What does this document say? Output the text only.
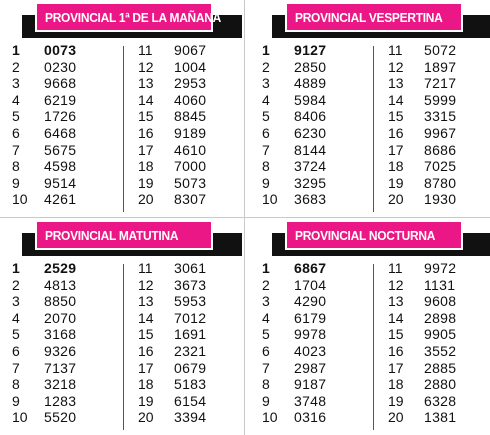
PROVINCIAL 1ª DE LA MAÑANA
1 0073
2 0230
3 9668
4 6219
5 1726
6 6468
7 5675
8 4598
9 9514
10 4261
11 9067
12 1004
13 2953
14 4060
15 8845
16 9189
17 4610
18 7000
19 5073
20 8307
PROVINCIAL VESPERTINA
1 9127
2 2850
3 4889
4 5984
5 8406
6 6230
7 8144
8 3724
9 3295
10 3683
11 5072
12 1897
13 7217
14 5999
15 3315
16 9967
17 8686
18 7025
19 8780
20 1930
PROVINCIAL MATUTINA
1 2529
2 4813
3 8850
4 2070
5 3168
6 9326
7 7137
8 3218
9 1283
10 5520
11 3061
12 3673
13 5953
14 7012
15 1691
16 2321
17 0679
18 5183
19 6154
20 3394
PROVINCIAL NOCTURNA
1 6867
2 1704
3 4290
4 6179
5 9978
6 4023
7 2987
8 9187
9 3748
10 0316
11 9972
12 1131
13 9608
14 2898
15 9905
16 3552
17 2885
18 2880
19 6328
20 1381
